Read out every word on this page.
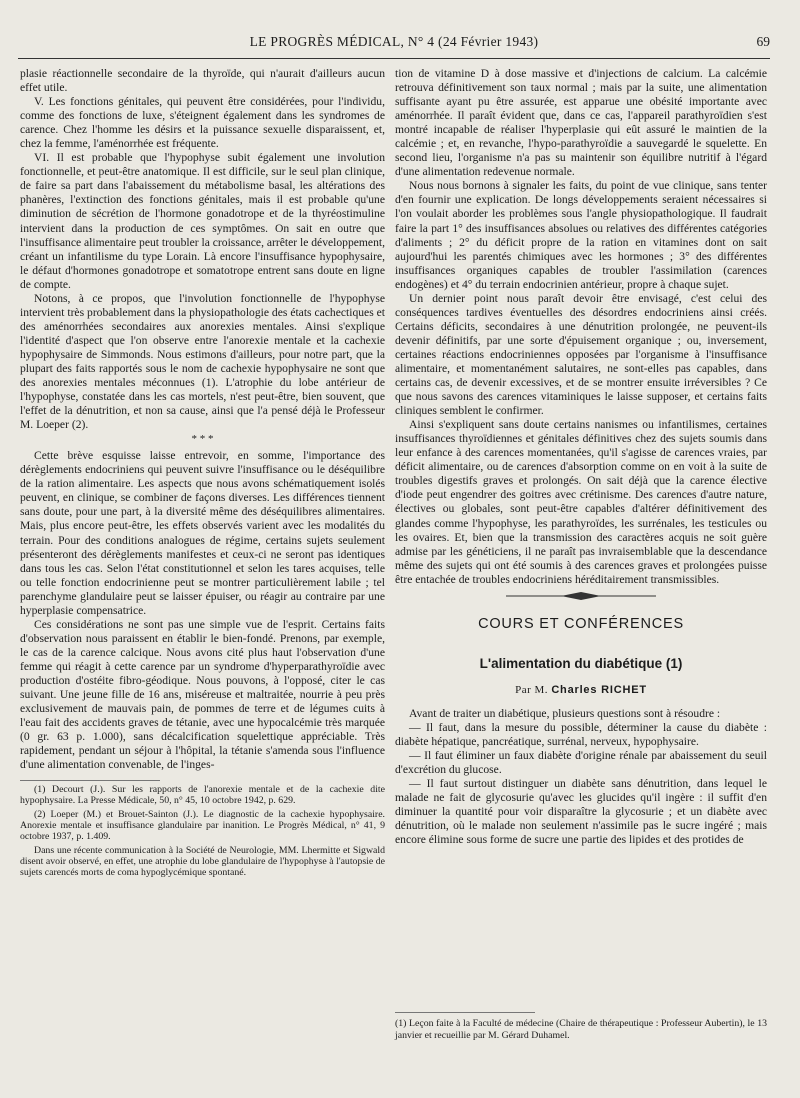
LE PROGRÈS MÉDICAL, N° 4 (24 Février 1943)	69

plasie réactionnelle secondaire de la thyroïde, qui n'aurait d'ailleurs aucun effet utile.

V. Les fonctions génitales, qui peuvent être considérées, pour l'individu, comme des fonctions de luxe, s'éteignent également dans les syndromes de carence. Chez l'homme les désirs et la puissance sexuelle disparaissent, et, chez la femme, l'aménorrhée est fréquente.

VI. Il est probable que l'hypophyse subit également une involution fonctionnelle, et peut-être anatomique. Il est difficile, sur le seul plan clinique, de faire sa part dans l'abaissement du métabolisme basal, les altérations des phanères, l'extinction des fonctions génitales, mais il est probable qu'une diminution de sécrétion de l'hormone gonadotrope et de la thyréostimuline intervient dans la production de ces symptômes. On sait en outre que l'insuffisance alimentaire peut troubler la croissance, arrêter le développement, créant un infantilisme du type Lorain. Là encore l'insuffisance hypophysaire, le défaut d'hormones gonadotrope et somatotrope entrent sans doute en ligne de compte.

Notons, à ce propos, que l'involution fonctionnelle de l'hypophyse intervient très probablement dans la physiopathologie des états cachectiques et des aménorrhées secondaires aux anorexies mentales. Ainsi s'explique l'identité d'aspect que l'on observe entre l'anorexie mentale et la cachexie hypophysaire de Simmonds. Nous estimons d'ailleurs, pour notre part, que la plupart des faits rapportés sous le nom de cachexie hypophysaire ne sont que des anorexies mentales méconnues (1). L'atrophie du lobe antérieur de l'hypophyse, constatée dans les cas mortels, n'est peut-être, bien souvent, que l'effet de la dénutrition, et non sa cause, ainsi que l'a pensé déjà le Professeur M. Loeper (2).

* * *

Cette brève esquisse laisse entrevoir, en somme, l'importance des dérèglements endocriniens qui peuvent suivre l'insuffisance ou le déséquilibre de la ration alimentaire. Les aspects que nous avons schématiquement isolés peuvent, en clinique, se combiner de façons diverses. Les différences tiennent sans doute, pour une part, à la diversité même des déséquilibres alimentaires. Mais, plus encore peut-être, les effets observés varient avec les modalités du terrain. Pour des conditions analogues de régime, certains sujets seulement présenteront des dérèglements manifestes et ceux-ci ne seront pas identiques dans tous les cas. Selon l'état constitutionnel et selon les tares acquises, telle ou telle fonction endocrinienne peut se montrer particulièrement labile ; tel parenchyme glandulaire peut se laisser épuiser, ou réagir au contraire par une hyperplasie compensatrice.

Ces considérations ne sont pas une simple vue de l'esprit. Certains faits d'observation nous paraissent en établir le bien-fondé. Prenons, par exemple, le cas de la carence calcique. Nous avons cité plus haut l'observation d'une femme qui réagit à cette carence par un syndrome d'hyperparathyroïdie avec production d'ostéite fibro-géodique. Nous pouvons, à l'opposé, citer le cas suivant. Une jeune fille de 16 ans, miséreuse et maltraitée, nourrie à peu près exclusivement de mauvais pain, de pommes de terre et de légumes cuits à l'eau fait des accidents graves de tétanie, avec une hypocalcémie très marquée (0 gr. 63 p. 1.000), sans décalcification squelettique appréciable. Très rapidement, pendant un séjour à l'hôpital, la tétanie s'amenda sous l'influence d'une alimentation convenable, de l'inges-

(1) Decourt (J.). Sur les rapports de l'anorexie mentale et de la cachexie dite hypophysaire. La Presse Médicale, 50, n° 45, 10 octobre 1942, p. 629.
(2) Loeper (M.) et Brouet-Sainton (J.). Le diagnostic de la cachexie hypophysaire. Anorexie mentale et insuffisance glandulaire par inanition. Le Progrès Médical, n° 41, 9 octobre 1937, p. 1.409.
Dans une récente communication à la Société de Neurologie, MM. Lhermitte et Sigwald disent avoir observé, en effet, une atrophie du lobe glandulaire de l'hypophyse à l'autopsie de sujets carencés morts de coma hypoglycémique spontané.

tion de vitamine D à dose massive et d'injections de calcium. La calcémie retrouva définitivement son taux normal ; mais par la suite, une alimentation suffisante ayant pu être assurée, est apparue une obésité importante avec aménorrhée. Il paraît évident que, dans ce cas, l'appareil parathyroïdien s'est montré incapable de réaliser l'hyperplasie qui eût assuré le maintien de la calcémie ; et, en revanche, l'hypo-parathyroïdie a sauvegardé le squelette. En second lieu, l'organisme n'a pas su maintenir son équilibre nutritif à l'égard d'une alimentation redevenue normale.

Nous nous bornons à signaler les faits, du point de vue clinique, sans tenter d'en fournir une explication. De longs développements seraient nécessaires si l'on voulait aborder les problèmes sous l'angle physiopathologique. Il faudrait faire la part 1° des insuffisances absolues ou relatives des différentes catégories d'aliments ; 2° du déficit propre de la ration en vitamines dont on sait aujourd'hui les parentés chimiques avec les hormones ; 3° des différentes insuffisances organiques capables de troubler l'assimilation (carences endogènes) et 4° du terrain endocrinien antérieur, propre à chaque sujet.

Un dernier point nous paraît devoir être envisagé, c'est celui des conséquences tardives éventuelles des désordres endocriniens ainsi créés. Certains déficits, secondaires à une dénutrition prolongée, ne peuvent-ils devenir définitifs, par une sorte d'épuisement organique ; ou, inversement, certaines réactions endocriniennes opposées par l'organisme à l'insuffisance alimentaire, et momentanément salutaires, ne sont-elles pas capables, dans certains cas, de devenir excessives, et de se montrer ensuite irréversibles ? Ce que nous savons des carences vitaminiques le laisse supposer, et certains faits cliniques semblent le confirmer.

Ainsi s'expliquent sans doute certains nanismes ou infantilismes, certaines insuffisances thyroïdiennes et génitales définitives chez des sujets soumis dans leur enfance à des carences momentanées, qu'il s'agisse de carences vraies, par déficit alimentaire, ou de carences d'absorption comme on en voit à la suite de troubles digestifs graves et prolongés. On sait déjà que la carence élective d'iode peut engendrer des goitres avec crétinisme. Des carences d'autre nature, électives ou globales, sont peut-être capables d'altérer définitivement des glandes comme l'hypophyse, les parathyroïdes, les surrénales, les testicules ou les ovaires. Et, bien que la transmission des caractères acquis ne soit guère admise par les généticiens, il ne paraît pas invraisemblable que la descendance même des sujets qui ont été soumis à des carences graves et prolongées puisse être entachée de troubles endocriniens héréditairement transmissibles.

COURS ET CONFÉRENCES
L'alimentation du diabétique (1)
Par M. Charles RICHET

Avant de traiter un diabétique, plusieurs questions sont à résoudre :

— Il faut, dans la mesure du possible, déterminer la cause du diabète : diabète hépatique, pancréatique, surrénal, nerveux, hypophysaire.

— Il faut éliminer un faux diabète d'origine rénale par abaissement du seuil d'excrétion du glucose.

— Il faut surtout distinguer un diabète sans dénutrition, dans lequel le malade ne fait de glycosurie qu'avec les glucides qu'il ingère : il suffit d'en diminuer la quantité pour voir disparaître la glycosurie ; et un diabète avec dénutrition, où le malade non seulement n'assimile pas le sucre ingéré ; mais encore élimine sous forme de sucre une partie des lipides et des protides de

(1) Leçon faite à la Faculté de médecine (Chaire de thérapeutique : Professeur Aubertin), le 13 janvier et recueillie par M. Gérard Duhamel.
